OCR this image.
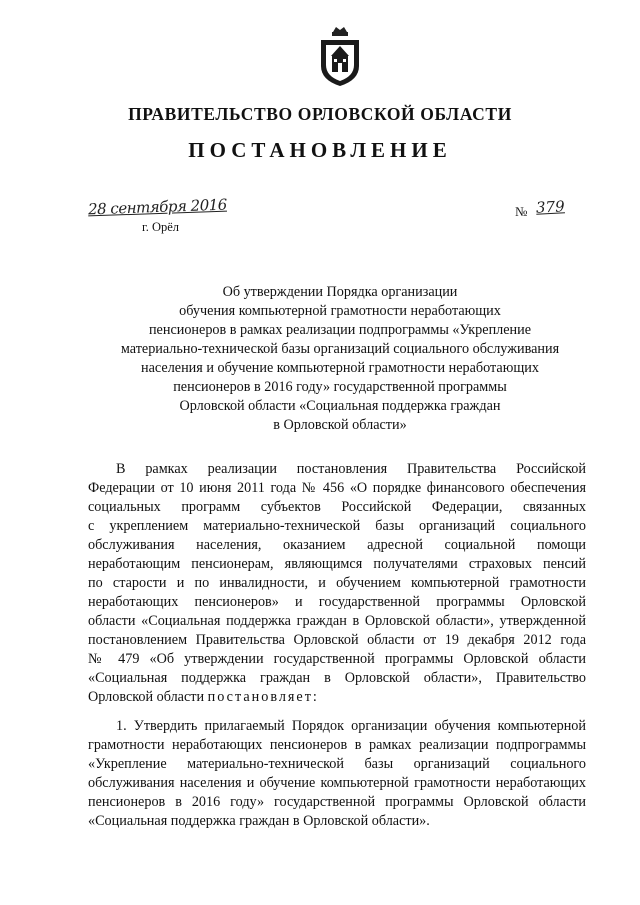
ПРАВИТЕЛЬСТВО ОРЛОВСКОЙ ОБЛАСТИ
ПОСТАНОВЛЕНИЕ
28 сентября 2016
г. Орёл
№ 379
Об утверждении Порядка организации
обучения компьютерной грамотности неработающих
пенсионеров в рамках реализации подпрограммы «Укрепление
материально-технической базы организаций социального обслуживания
населения и обучение компьютерной грамотности неработающих
пенсионеров в 2016 году» государственной программы
Орловской области «Социальная поддержка граждан
в Орловской области»
В рамках реализации постановления Правительства Российской
Федерации от 10 июня 2011 года № 456 «О порядке финансового обеспечения
социальных программ субъектов Российской Федерации, связанных
с укреплением материально-технической базы организаций социального
обслуживания населения, оказанием адресной социальной помощи
неработающим пенсионерам, являющимся получателями страховых пенсий
по старости и по инвалидности, и обучением компьютерной грамотности
неработающих пенсионеров» и государственной программы Орловской
области «Социальная поддержка граждан в Орловской области», утвержденной
постановлением Правительства Орловской области от 19 декабря 2012 года
№ 479 «Об утверждении государственной программы Орловской области
«Социальная поддержка граждан в Орловской области», Правительство
Орловской области постановляет:
1. Утвердить прилагаемый Порядок организации обучения компьютерной
грамотности неработающих пенсионеров в рамках реализации подпрограммы
«Укрепление материально-технической базы организаций социального
обслуживания населения и обучение компьютерной грамотности неработающих
пенсионеров в 2016 году» государственной программы Орловской области
«Социальная поддержка граждан в Орловской области».
